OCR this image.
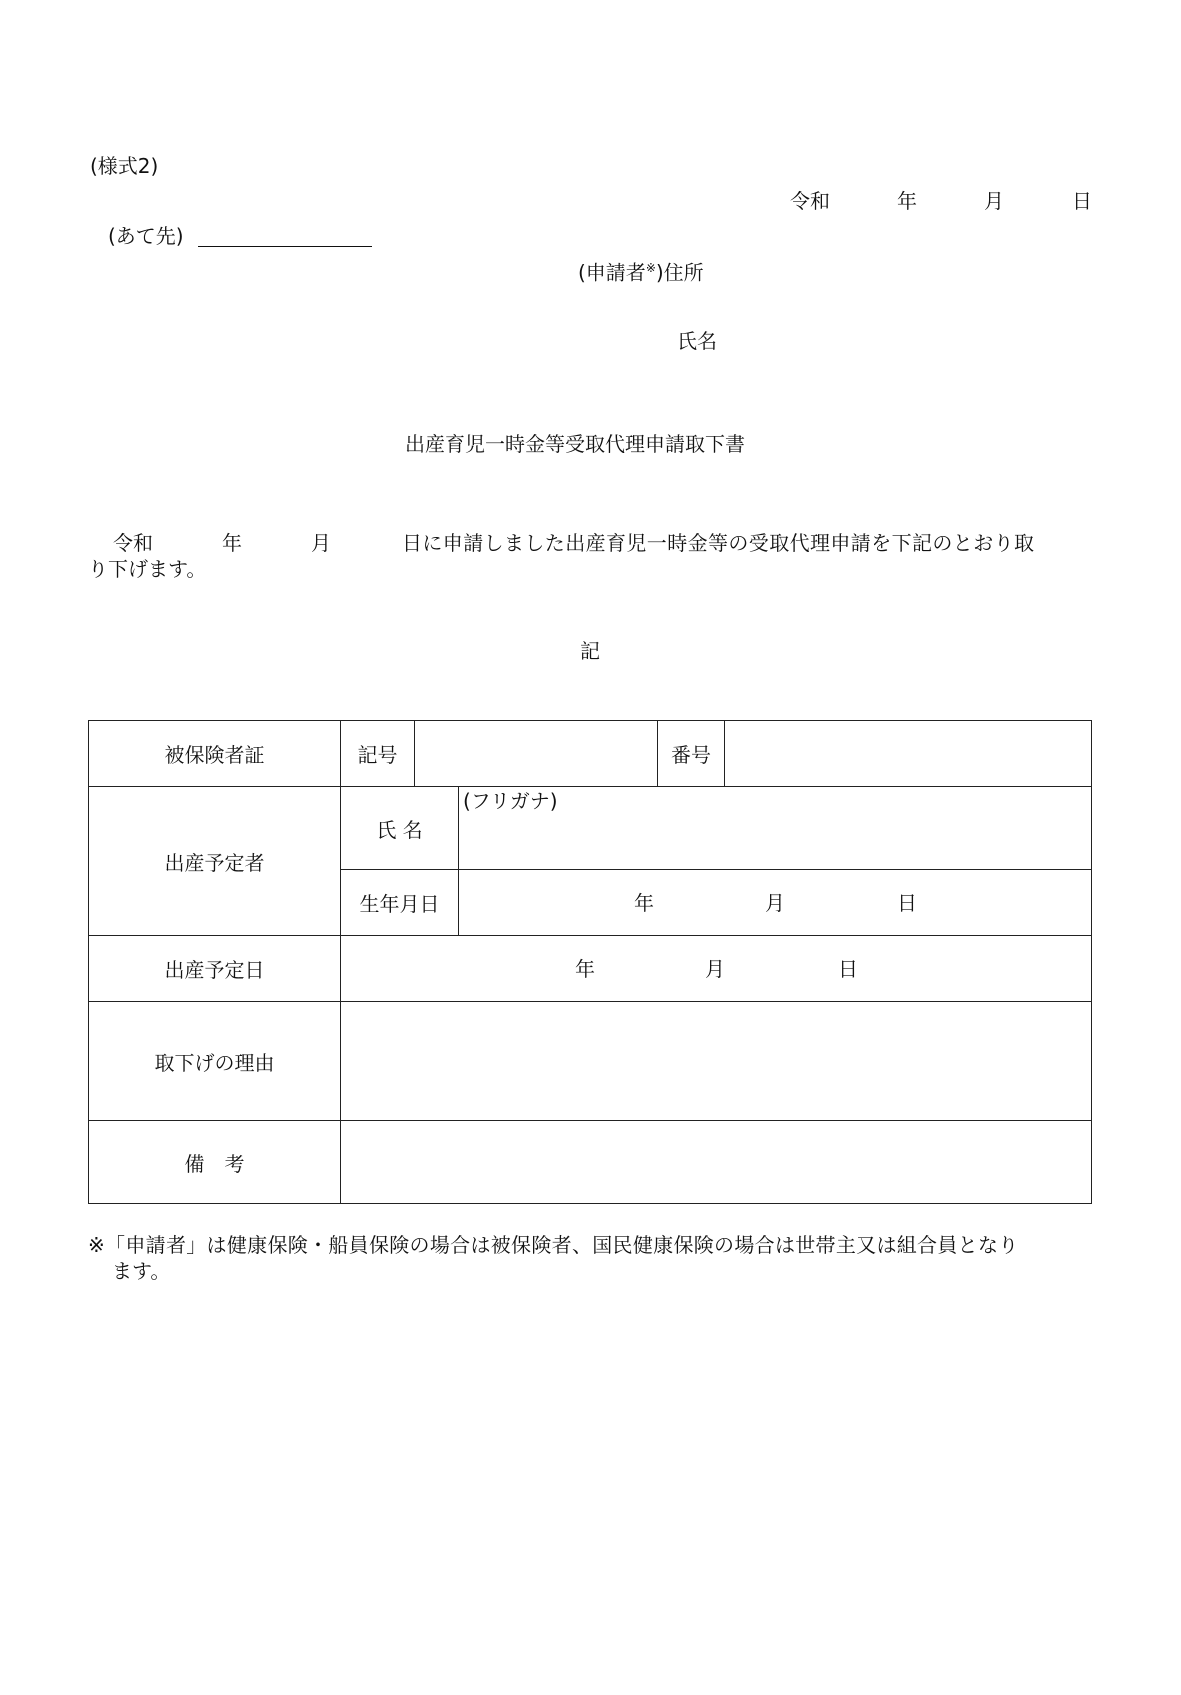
(様式2)
令和	年	月	日
(あて先)
(申請者※)住所
氏名
出産育児一時金等受取代理申請取下書
令和	年	月	日に申請しました出産育児一時金等の受取代理申請を下記のとおり取
り下げます。
記
被保険者証	記号			番号	
出産予定者	氏 名		(フリガナ)		

	生年月日		年 月 日		

出産予定日	年 月 日				

取下げの理由					
備　考					
※「申請者」は健康保険・船員保険の場合は被保険者、国民健康保険の場合は世帯主又は組合員となり
ます。
